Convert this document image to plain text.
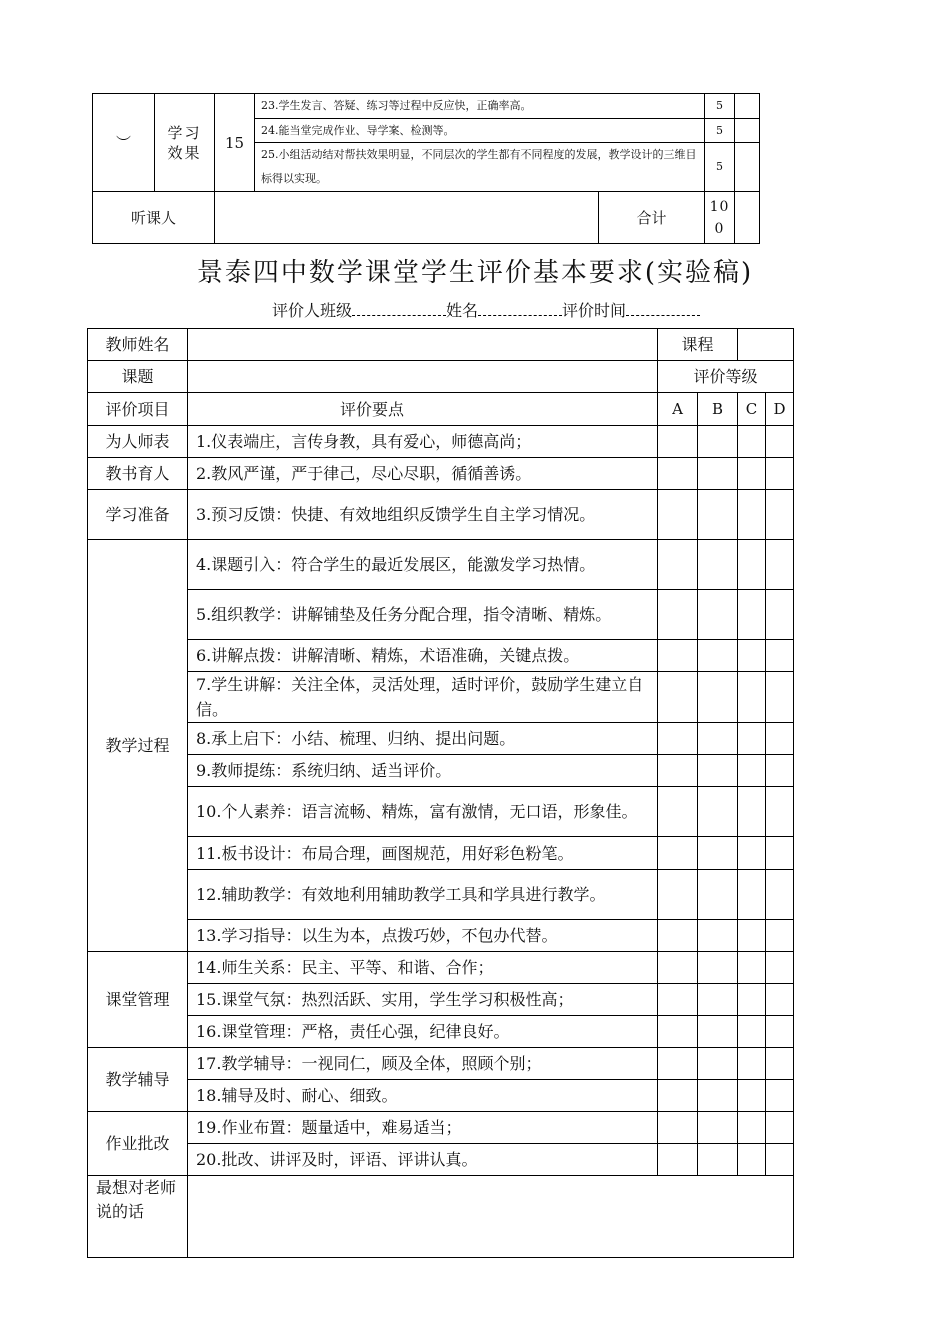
︶	学习效果	15	23.学生发言、答疑、练习等过程中反应快，正确率高。		5	
			24.能当堂完成作业、导学案、检测等。		5	
			25.小组活动结对帮扶效果明显，不同层次的学生都有不同程度的发展，教学设计的三维目标得以实现。		5	
听课人				合计	100	
景泰四中数学课堂学生评价基本要求(实验稿)
评价人班级	姓名	评价时间
教师姓名		课程			
课题		评价等级			
评价项目	评价要点	A	B	C	D
为人师表	1.仪表端庄，言传身教，具有爱心，师德高尚；				
教书育人	2.教风严谨，严于律己，尽心尽职，循循善诱。				
学习准备	3.预习反馈：快捷、有效地组织反馈学生自主学习情况。				
教学过程	4.课题引入：符合学生的最近发展区，能激发学习热情。				
	5.组织教学：讲解铺垫及任务分配合理，指令清晰、精炼。				
	6.讲解点拨：讲解清晰、精炼，术语准确，关键点拨。				
	7.学生讲解：关注全体，灵活处理，适时评价，鼓励学生建立自信。				
	8.承上启下：小结、梳理、归纳、提出问题。				
	9.教师提练：系统归纳、适当评价。				
	10.个人素养：语言流畅、精炼，富有激情，无口语，形象佳。				
	11.板书设计：布局合理，画图规范，用好彩色粉笔。				
	12.辅助教学：有效地利用辅助教学工具和学具进行教学。				
	13.学习指导：以生为本，点拨巧妙，不包办代替。				
课堂管理	14.师生关系：民主、平等、和谐、合作；				
	15.课堂气氛：热烈活跃、实用，学生学习积极性高；				
	16.课堂管理：严格，责任心强，纪律良好。				
教学辅导	17.教学辅导：一视同仁，顾及全体，照顾个别；				
	18.辅导及时、耐心、细致。				
作业批改	19.作业布置：题量适中，难易适当；				
	20.批改、讲评及时，评语、评讲认真。				
最想对老师说的话					
